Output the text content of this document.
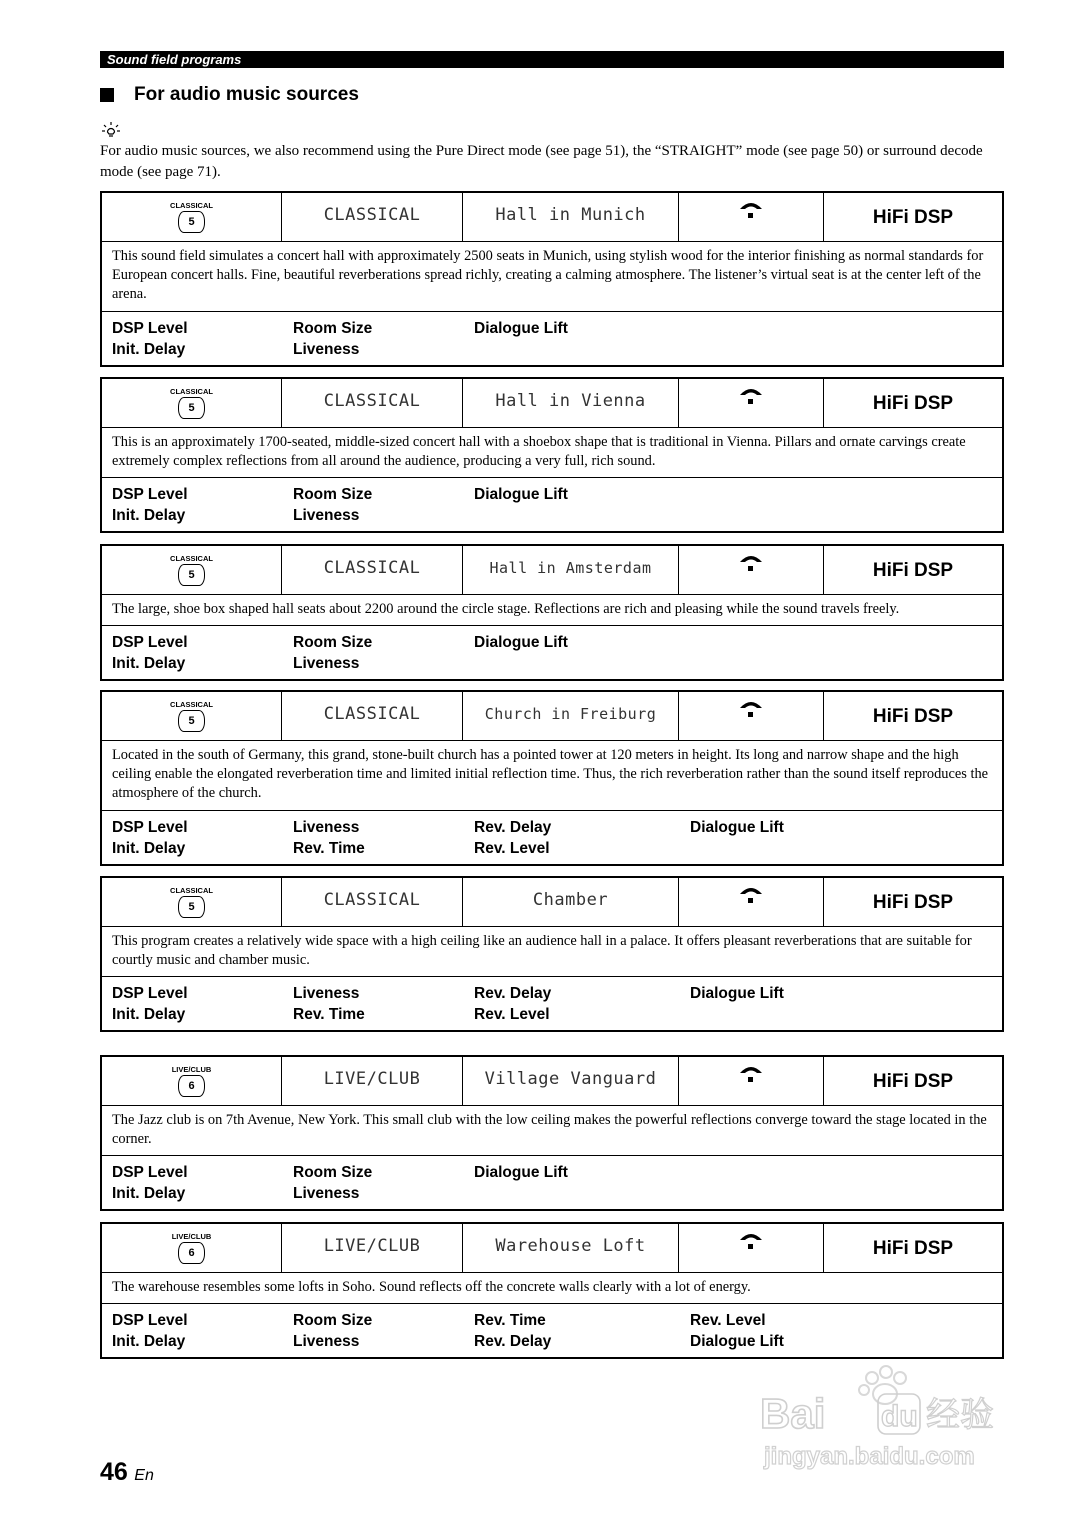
Sound field programs
For audio music sources
For audio music sources, we also recommend using the Pure Direct mode (see page 51), the “STRAIGHT” mode (see page 50) or surround decode mode (see page 71).
CLASSICAL
5	CLASSICAL	Hall in Munich	HiFi DSP
This sound field simulates a concert hall with approximately 2500 seats in Munich, using stylish wood for the interior finishing as normal standards for European concert halls. Fine, beautiful reverberations spread richly, creating a calming atmosphere. The listener’s virtual seat is at the center left of the arena.
DSP Level	Room Size	Dialogue Lift
Init. Delay	Liveness
CLASSICAL
5	CLASSICAL	Hall in Vienna	HiFi DSP
This is an approximately 1700-seated, middle-sized concert hall with a shoebox shape that is traditional in Vienna. Pillars and ornate carvings create extremely complex reflections from all around the audience, producing a very full, rich sound.
DSP Level	Room Size	Dialogue Lift
Init. Delay	Liveness
CLASSICAL
5	CLASSICAL	Hall in Amsterdam	HiFi DSP
The large, shoe box shaped hall seats about 2200 around the circle stage. Reflections are rich and pleasing while the sound travels freely.
DSP Level	Room Size	Dialogue Lift
Init. Delay	Liveness
CLASSICAL
5	CLASSICAL	Church in Freiburg	HiFi DSP
Located in the south of Germany, this grand, stone-built church has a pointed tower at 120 meters in height. Its long and narrow shape and the high ceiling enable the elongated reverberation time and limited initial reflection time. Thus, the rich reverberation rather than the sound itself reproduces the atmosphere of the church.
DSP Level	Liveness	Rev. Delay	Dialogue Lift
Init. Delay	Rev. Time	Rev. Level
CLASSICAL
5	CLASSICAL	Chamber	HiFi DSP
This program creates a relatively wide space with a high ceiling like an audience hall in a palace. It offers pleasant reverberations that are suitable for courtly music and chamber music.
DSP Level	Liveness	Rev. Delay	Dialogue Lift
Init. Delay	Rev. Time	Rev. Level
LIVE/CLUB
6	LIVE/CLUB	Village Vanguard	HiFi DSP
The Jazz club is on 7th Avenue, New York. This small club with the low ceiling makes the powerful reflections converge toward the stage located in the corner.
DSP Level	Room Size	Dialogue Lift
Init. Delay	Liveness
LIVE/CLUB
6	LIVE/CLUB	Warehouse Loft	HiFi DSP
The warehouse resembles some lofts in Soho. Sound reflects off the concrete walls clearly with a lot of energy.
DSP Level	Room Size	Rev. Time	Rev. Level
Init. Delay	Liveness	Rev. Delay	Dialogue Lift
46 En
Bai du 经验
jingyan.baidu.com
